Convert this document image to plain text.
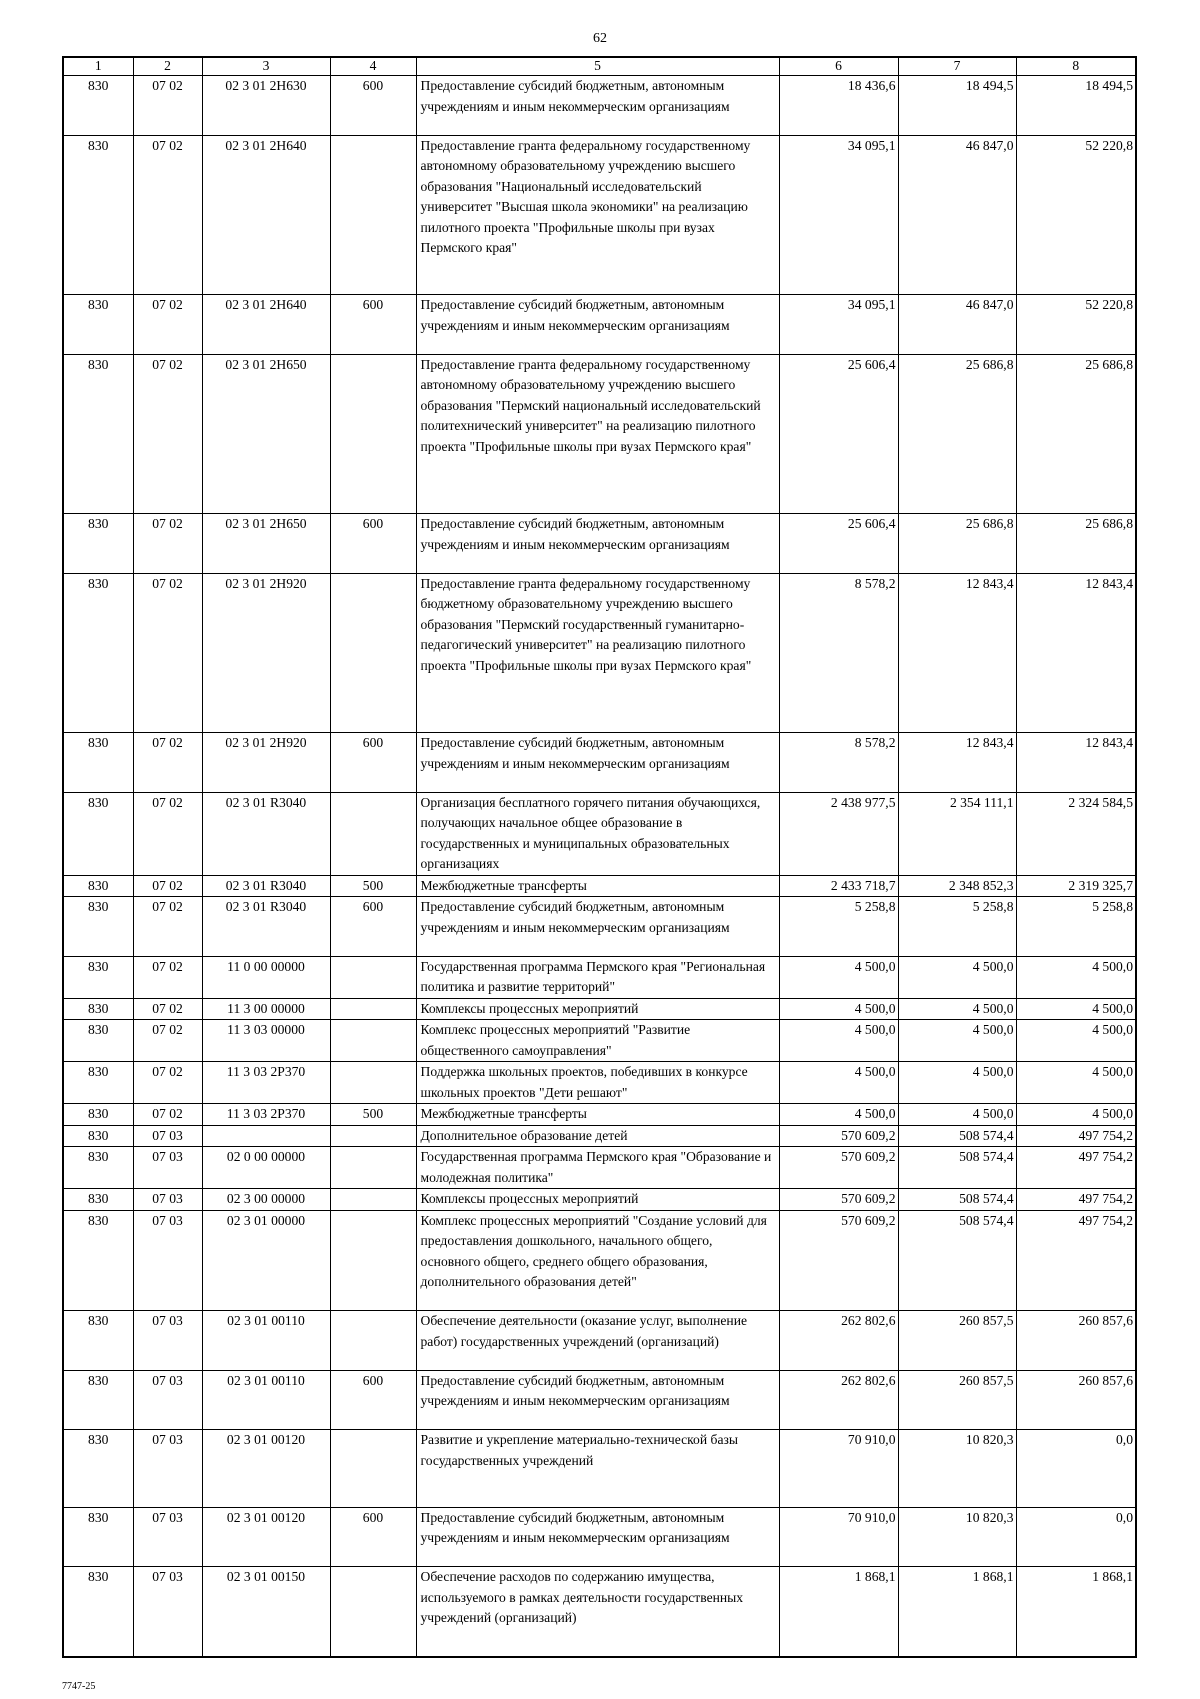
62
1	2	3	4	5	6	7	8

830	07 02	02 3 01 2Н630	600	Предоставление субсидий бюджетным, автономным учреждениям и иным некоммерческим организациям	18 436,6	18 494,5	18 494,5

830	07 02	02 3 01 2Н640		Предоставление гранта федеральному государственному автономному образовательному учреждению высшего образования "Национальный исследовательский университет "Высшая школа экономики" на реализацию пилотного проекта "Профильные школы при вузах Пермского края"	34 095,1	46 847,0	52 220,8

830	07 02	02 3 01 2Н640	600	Предоставление субсидий бюджетным, автономным учреждениям и иным некоммерческим организациям	34 095,1	46 847,0	52 220,8

830	07 02	02 3 01 2Н650		Предоставление гранта федеральному государственному автономному образовательному учреждению высшего образования "Пермский национальный исследовательский политехнический университет" на реализацию пилотного проекта "Профильные школы при вузах Пермского края"	25 606,4	25 686,8	25 686,8

830	07 02	02 3 01 2Н650	600	Предоставление субсидий бюджетным, автономным учреждениям и иным некоммерческим организациям	25 606,4	25 686,8	25 686,8

830	07 02	02 3 01 2Н920		Предоставление гранта федеральному государственному бюджетному образовательному учреждению высшего образования "Пермский государственный гуманитарно-педагогический университет" на реализацию пилотного проекта "Профильные школы при вузах Пермского края"	8 578,2	12 843,4	12 843,4

830	07 02	02 3 01 2Н920	600	Предоставление субсидий бюджетным, автономным учреждениям и иным некоммерческим организациям	8 578,2	12 843,4	12 843,4

830	07 02	02 3 01 R3040		Организация бесплатного горячего питания обучающихся, получающих начальное общее образование в государственных и муниципальных образовательных организациях	2 438 977,5	2 354 111,1	2 324 584,5

830	07 02	02 3 01 R3040	500	Межбюджетные трансферты	2 433 718,7	2 348 852,3	2 319 325,7

830	07 02	02 3 01 R3040	600	Предоставление субсидий бюджетным, автономным учреждениям и иным некоммерческим организациям	5 258,8	5 258,8	5 258,8

830	07 02	11 0 00 00000		Государственная программа Пермского края "Региональная политика и развитие территорий"	4 500,0	4 500,0	4 500,0

830	07 02	11 3 00 00000		Комплексы процессных мероприятий	4 500,0	4 500,0	4 500,0

830	07 02	11 3 03 00000		Комплекс процессных мероприятий "Развитие общественного самоуправления"	4 500,0	4 500,0	4 500,0

830	07 02	11 3 03 2Р370		Поддержка школьных проектов, победивших в конкурсе школьных проектов "Дети решают"	4 500,0	4 500,0	4 500,0

830	07 02	11 3 03 2Р370	500	Межбюджетные трансферты	4 500,0	4 500,0	4 500,0

830	07 03			Дополнительное образование детей	570 609,2	508 574,4	497 754,2

830	07 03	02 0 00 00000		Государственная программа Пермского края "Образование и молодежная политика"	570 609,2	508 574,4	497 754,2

830	07 03	02 3 00 00000		Комплексы процессных мероприятий	570 609,2	508 574,4	497 754,2

830	07 03	02 3 01 00000		Комплекс процессных мероприятий "Создание условий для предоставления дошкольного, начального общего, основного общего, среднего общего образования, дополнительного образования детей"	570 609,2	508 574,4	497 754,2

830	07 03	02 3 01 00110		Обеспечение деятельности (оказание услуг, выполнение работ) государственных учреждений (организаций)	262 802,6	260 857,5	260 857,6

830	07 03	02 3 01 00110	600	Предоставление субсидий бюджетным, автономным учреждениям и иным некоммерческим организациям	262 802,6	260 857,5	260 857,6

830	07 03	02 3 01 00120		Развитие и укрепление материально-технической базы государственных учреждений	70 910,0	10 820,3	0,0

830	07 03	02 3 01 00120	600	Предоставление субсидий бюджетным, автономным учреждениям и иным некоммерческим организациям	70 910,0	10 820,3	0,0

830	07 03	02 3 01 00150		Обеспечение расходов по содержанию имущества, используемого в рамках деятельности государственных учреждений (организаций)	1 868,1	1 868,1	1 868,1
7747-25
